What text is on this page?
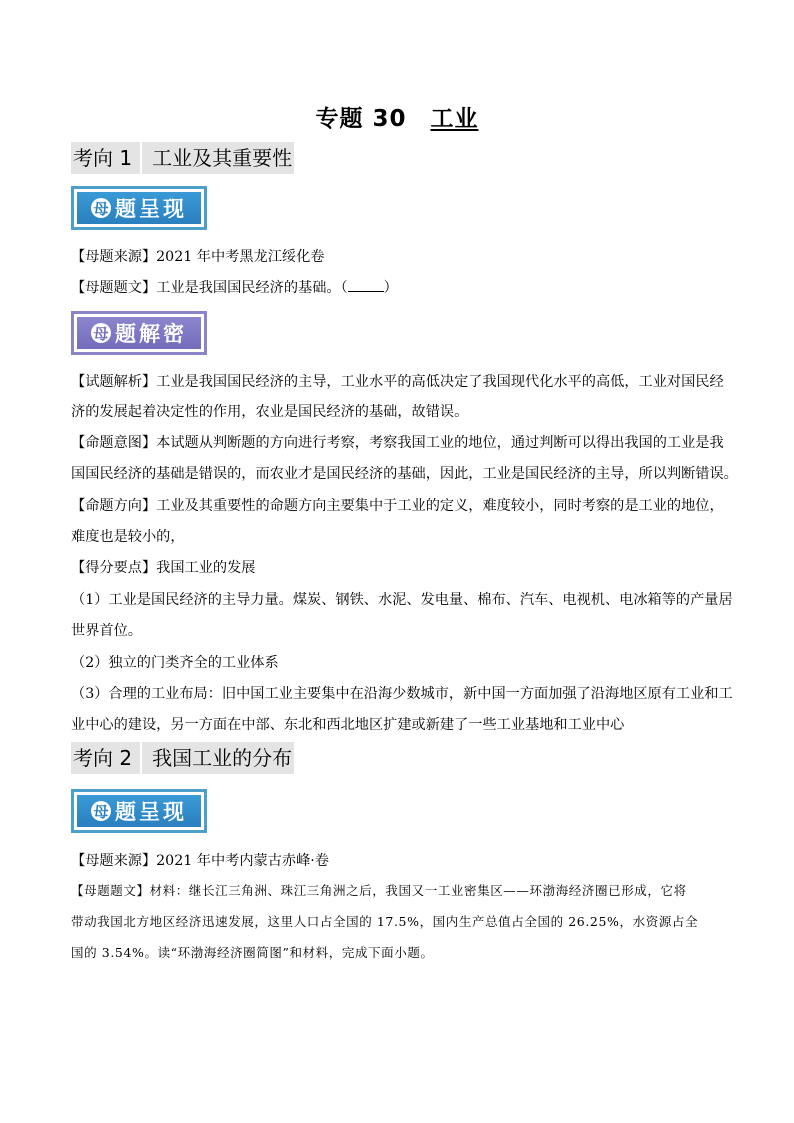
专题 30 工业
考向 1 工业及其重要性
母 题呈现
【母题来源】2021 年中考黑龙江绥化卷
【母题题文】工业是我国国民经济的基础。（	）
母 题解密
【试题解析】工业是我国国民经济的主导，工业水平的高低决定了我国现代化水平的高低，工业对国民经
济的发展起着决定性的作用，农业是国民经济的基础，故错误。
【命题意图】本试题从判断题的方向进行考察，考察我国工业的地位，通过判断可以得出我国的工业是我
国国民经济的基础是错误的，而农业才是国民经济的基础，因此，工业是国民经济的主导，所以判断错误。
【命题方向】工业及其重要性的命题方向主要集中于工业的定义，难度较小，同时考察的是工业的地位，
难度也是较小的，
【得分要点】我国工业的发展
（1）工业是国民经济的主导力量。煤炭、钢铁、水泥、发电量、棉布、汽车、电视机、电冰箱等的产量居
世界首位。
（2）独立的门类齐全的工业体系
（3）合理的工业布局：旧中国工业主要集中在沿海少数城市，新中国一方面加强了沿海地区原有工业和工
业中心的建设，另一方面在中部、东北和西北地区扩建或新建了一些工业基地和工业中心
考向 2 我国工业的分布
母 题呈现
【母题来源】2021 年中考内蒙古赤峰·卷
【母题题文】材料：继长江三角洲、珠江三角洲之后，我国又一工业密集区——环渤海经济圈已形成，它将
带动我国北方地区经济迅速发展，这里人口占全国的 17.5%，国内生产总值占全国的 26.25%，水资源占全
国的 3.54%。读“环渤海经济圈简图”和材料，完成下面小题。
